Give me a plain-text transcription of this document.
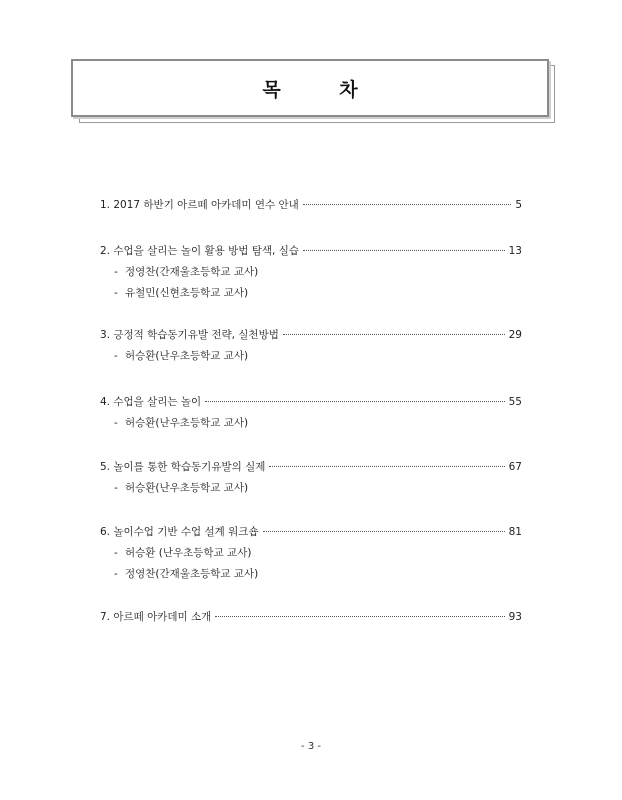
목 차
1. 2017 하반기 아르떼 아카데미 연수 안내	5
2. 수업을 살리는 놀이 활용 방법 탐색, 실습	13
- 정영찬(간재울초등학교 교사)
- 유철민(신현초등학교 교사)
3. 긍정적 학습동기유발 전략, 실천방법	29
- 허승환(난우초등학교 교사)
4. 수업을 살리는 놀이	55
- 허승환(난우초등학교 교사)
5. 놀이를 통한 학습동기유발의 실제	67
- 허승환(난우초등학교 교사)
6. 놀이수업 기반 수업 설계 워크숍	81
- 허승환 (난우초등학교 교사)
- 정영찬(간재울초등학교 교사)
7. 아르떼 아카데미 소개	93
- 3 -
